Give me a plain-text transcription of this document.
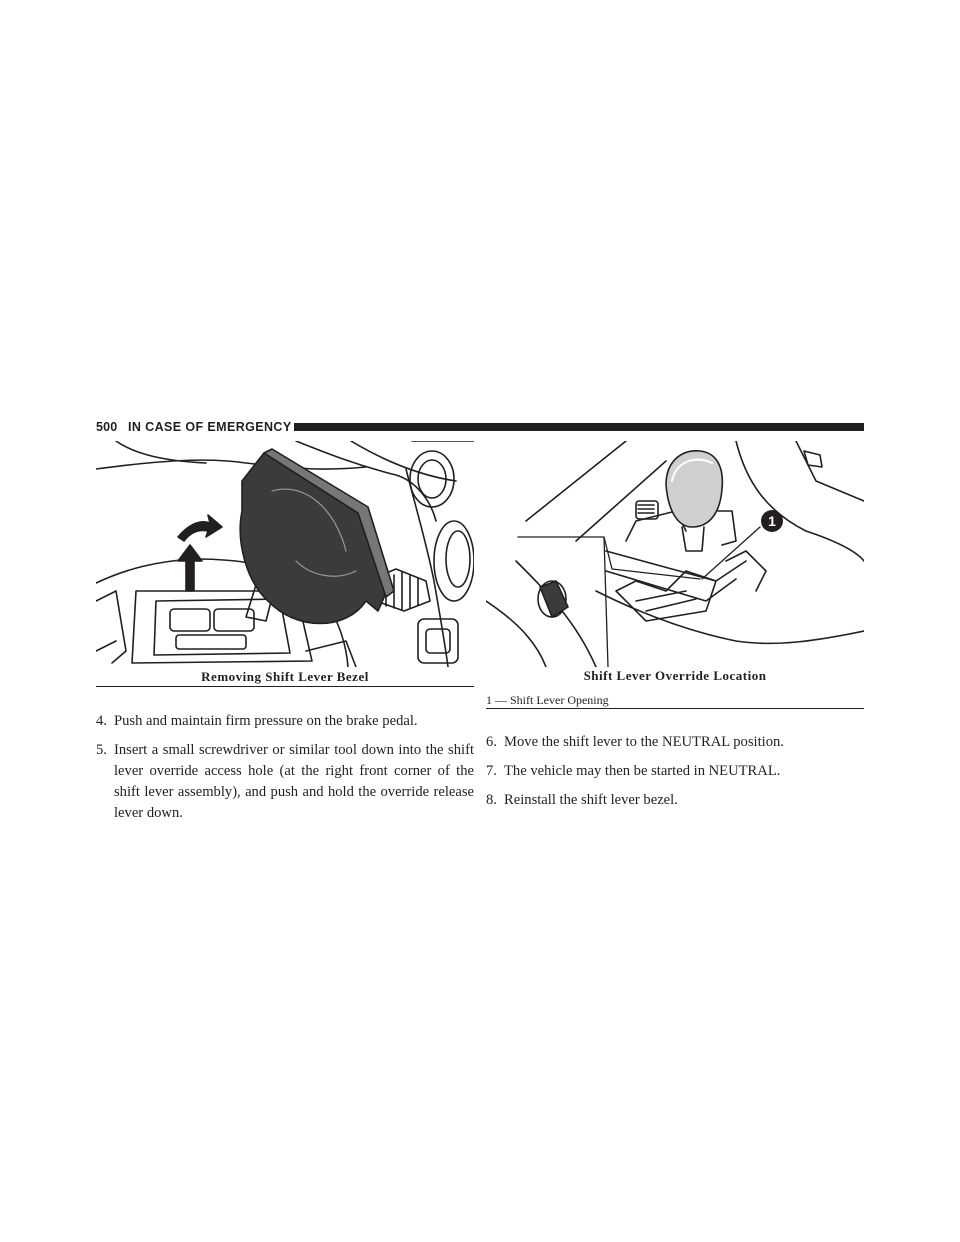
500 IN CASE OF EMERGENCY
1
Removing Shift Lever Bezel	Shift Lever Override Location
1 — Shift Lever Opening
4. Push and maintain firm pressure on the brake pedal.
5. Insert a small screwdriver or similar tool down into the shift lever override access hole (at the right front corner of the shift lever assembly), and push and hold the override release lever down.
6. Move the shift lever to the NEUTRAL position.
7. The vehicle may then be started in NEUTRAL.
8. Reinstall the shift lever bezel.
